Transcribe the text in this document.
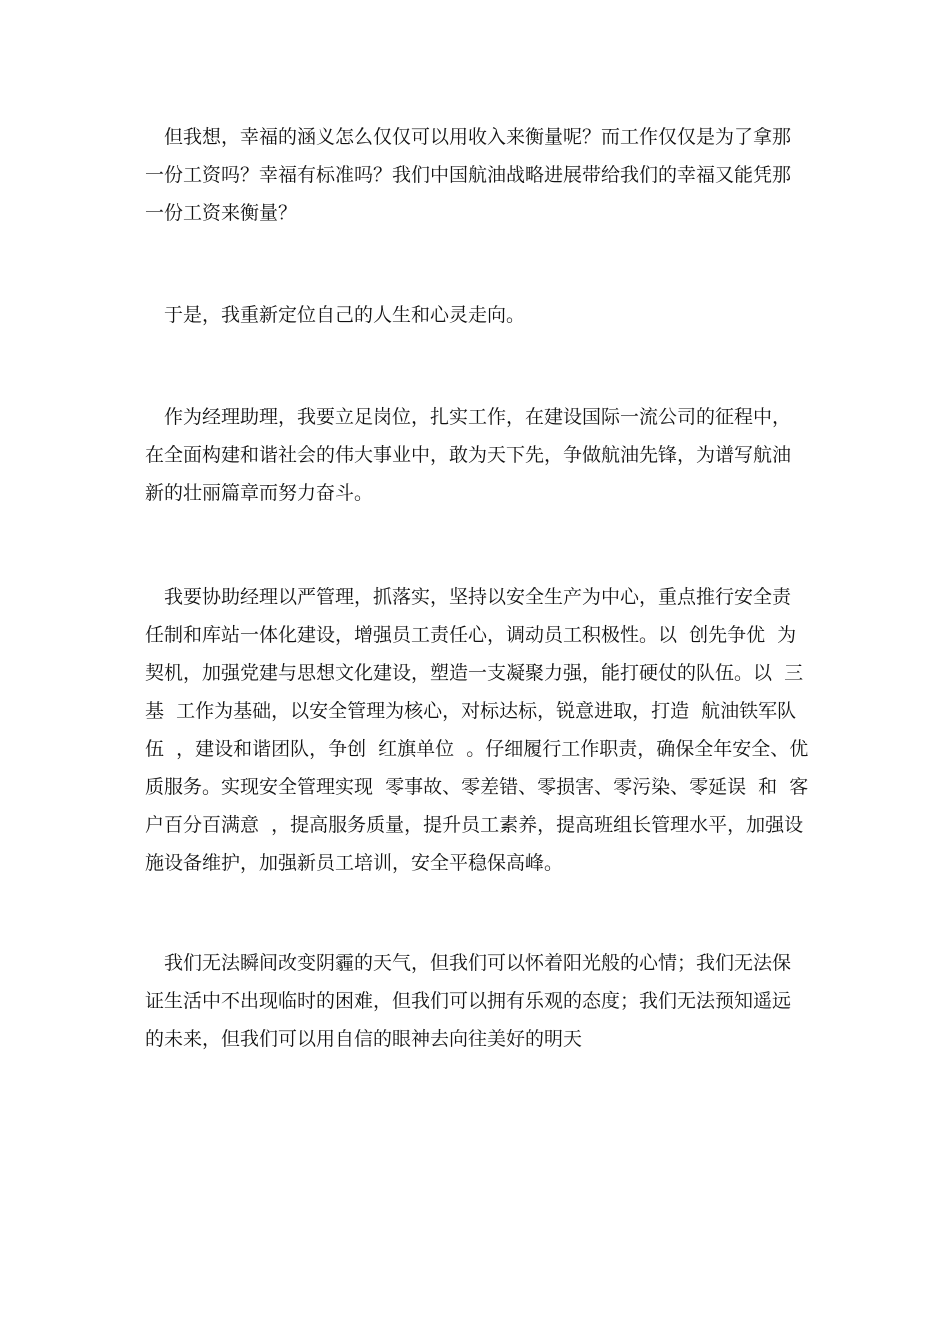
　但我想，幸福的涵义怎么仅仅可以用收入来衡量呢？而工作仅仅是为了拿那
一份工资吗？幸福有标准吗？我们中国航油战略进展带给我们的幸福又能凭那
一份工资来衡量？
　于是，我重新定位自己的人生和心灵走向。
　作为经理助理，我要立足岗位，扎实工作，在建设国际一流公司的征程中，
在全面构建和谐社会的伟大事业中，敢为天下先，争做航油先锋，为谱写航油
新的壮丽篇章而努力奋斗。
　我要协助经理以严管理，抓落实，坚持以安全生产为中心，重点推行安全责
任制和库站一体化建设，增强员工责任心，调动员工积极性。以  创先争优  为
契机，加强党建与思想文化建设，塑造一支凝聚力强，能打硬仗的队伍。以  三
基  工作为基础，以安全管理为核心，对标达标，锐意进取，打造  航油铁军队
伍  ，建设和谐团队，争创  红旗单位  。仔细履行工作职责，确保全年安全、优
质服务。实现安全管理实现  零事故、零差错、零损害、零污染、零延误  和  客
户百分百满意  ，提高服务质量，提升员工素养，提高班组长管理水平，加强设
施设备维护，加强新员工培训，安全平稳保高峰。
　我们无法瞬间改变阴霾的天气，但我们可以怀着阳光般的心情；我们无法保
证生活中不出现临时的困难，但我们可以拥有乐观的态度；我们无法预知遥远
的未来，但我们可以用自信的眼神去向往美好的明天
